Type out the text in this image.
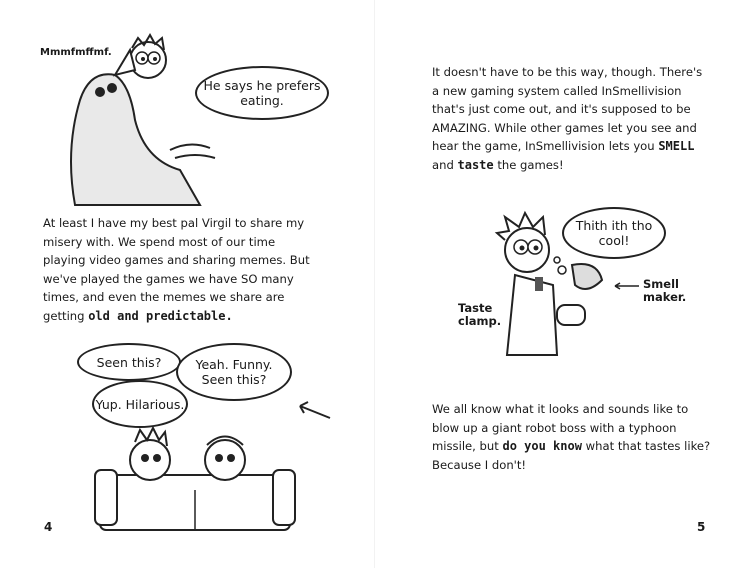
Mmmfmffmf.
He says he prefers eating.

At least I have my best pal Virgil to share my misery with. We spend most of our time playing video games and sharing memes. But we've played the games we have SO many times, and even the memes we share are getting old and predictable.

Seen this?
Yup. Hilarious.
Yeah. Funny. Seen this?
4

It doesn't have to be this way, though. There's a new gaming system called InSmellivision that's just come out, and it's supposed to be AMAZING. While other games let you see and hear the game, InSmellivision lets you SMELL and taste the games!

Thith ith tho cool!
Smell maker.
Taste clamp.

We all know what it looks and sounds like to blow up a giant robot boss with a typhoon missile, but do you know what that tastes like? Because I don't!

5
